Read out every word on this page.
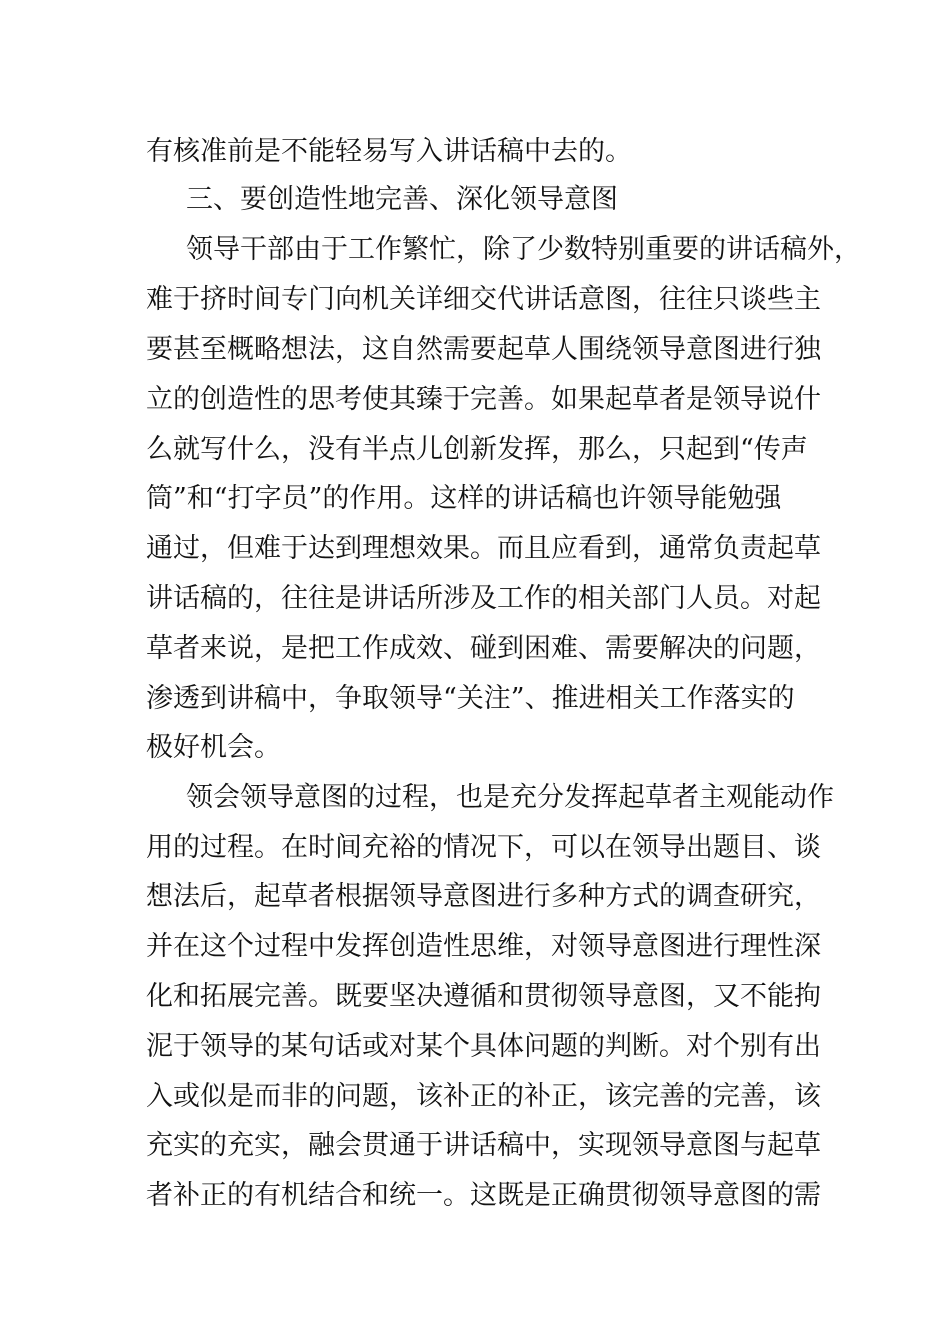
有核准前是不能轻易写入讲话稿中去的。
三、要创造性地完善、深化领导意图
领导干部由于工作繁忙，除了少数特别重要的讲话稿外，
难于挤时间专门向机关详细交代讲话意图，往往只谈些主
要甚至概略想法，这自然需要起草人围绕领导意图进行独
立的创造性的思考使其臻于完善。如果起草者是领导说什
么就写什么，没有半点儿创新发挥，那么，只起到“传声
筒”和“打字员”的作用。这样的讲话稿也许领导能勉强
通过，但难于达到理想效果。而且应看到，通常负责起草
讲话稿的，往往是讲话所涉及工作的相关部门人员。对起
草者来说，是把工作成效、碰到困难、需要解决的问题，
渗透到讲稿中，争取领导“关注”、推进相关工作落实的
极好机会。
领会领导意图的过程，也是充分发挥起草者主观能动作
用的过程。在时间充裕的情况下，可以在领导出题目、谈
想法后，起草者根据领导意图进行多种方式的调查研究，
并在这个过程中发挥创造性思维，对领导意图进行理性深
化和拓展完善。既要坚决遵循和贯彻领导意图，又不能拘
泥于领导的某句话或对某个具体问题的判断。对个别有出
入或似是而非的问题，该补正的补正，该完善的完善，该
充实的充实，融会贯通于讲话稿中，实现领导意图与起草
者补正的有机结合和统一。这既是正确贯彻领导意图的需
